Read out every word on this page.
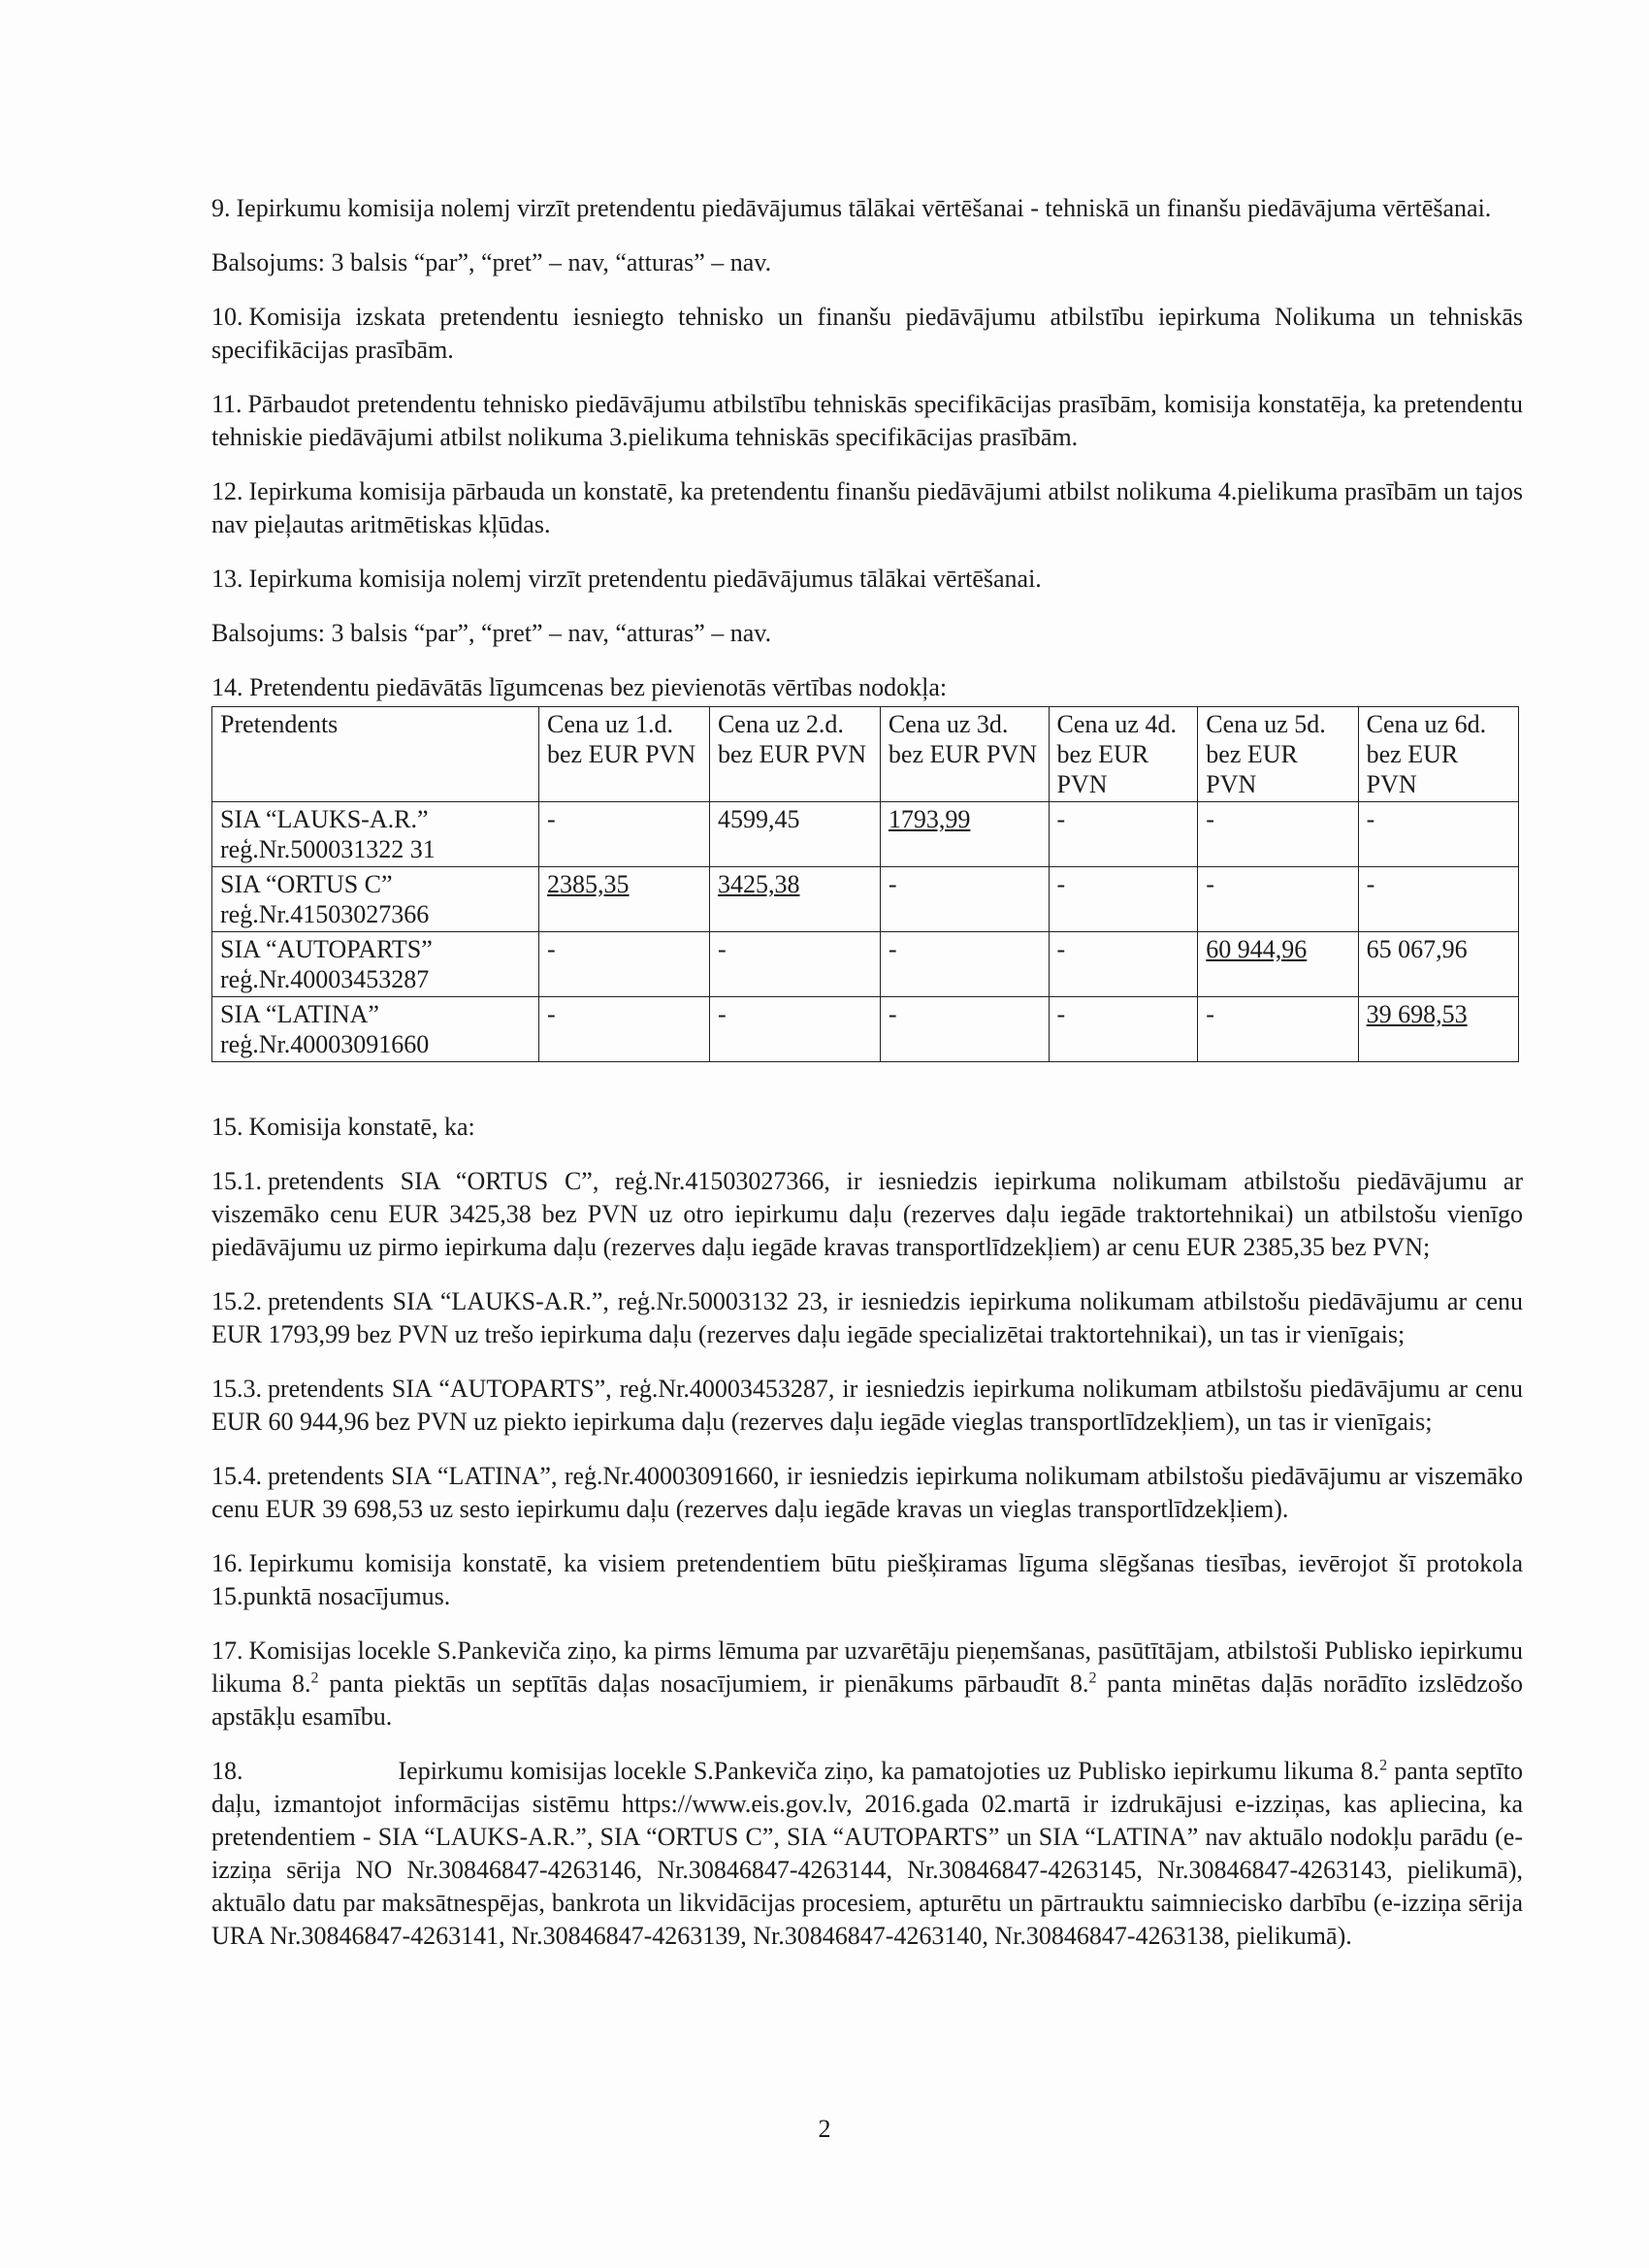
9. Iepirkumu komisija nolemj virzīt pretendentu piedāvājumus tālākai vērtēšanai - tehniskā un finanšu piedāvājuma vērtēšanai.

Balsojums: 3 balsis “par”, “pret” – nav, “atturas” – nav.

10. Komisija izskata pretendentu iesniegto tehnisko un finanšu piedāvājumu atbilstību iepirkuma Nolikuma un tehniskās specifikācijas prasībām.

11. Pārbaudot pretendentu tehnisko piedāvājumu atbilstību tehniskās specifikācijas prasībām, komisija konstatēja, ka pretendentu tehniskie piedāvājumi atbilst nolikuma 3.pielikuma tehniskās specifikācijas prasībām.

12. Iepirkuma komisija pārbauda un konstatē, ka pretendentu finanšu piedāvājumi atbilst nolikuma 4.pielikuma prasībām un tajos nav pieļautas aritmētiskas kļūdas.

13. Iepirkuma komisija nolemj virzīt pretendentu piedāvājumus tālākai vērtēšanai.

Balsojums: 3 balsis “par”, “pret” – nav, “atturas” – nav.

14. Pretendentu piedāvātās līgumcenas bez pievienotās vērtības nodokļa:

Pretendents	Cena uz 1.d. bez EUR PVN	Cena uz 2.d. bez EUR PVN	Cena uz 3d. bez EUR PVN	Cena uz 4d. bez EUR PVN	Cena uz 5d. bez EUR PVN	Cena uz 6d. bez EUR PVN
SIA “LAUKS-A.R.” reģ.Nr.500031322 31	-	4599,45	1793,99	-	-	-
SIA “ORTUS C” reģ.Nr.41503027366	2385,35	3425,38	-	-	-	-
SIA “AUTOPARTS” reģ.Nr.40003453287	-	-	-	-	60 944,96	65 067,96
SIA “LATINA” reģ.Nr.40003091660	-	-	-	-	-	39 698,53

15. Komisija konstatē, ka:

15.1. pretendents SIA “ORTUS C”, reģ.Nr.41503027366, ir iesniedzis iepirkuma nolikumam atbilstošu piedāvājumu ar viszemāko cenu EUR 3425,38 bez PVN uz otro iepirkumu daļu (rezerves daļu iegāde traktortehnikai) un atbilstošu vienīgo piedāvājumu uz pirmo iepirkuma daļu (rezerves daļu iegāde kravas transportlīdzekļiem) ar cenu EUR 2385,35 bez PVN;

15.2. pretendents SIA “LAUKS-A.R.”, reģ.Nr.50003132 23, ir iesniedzis iepirkuma nolikumam atbilstošu piedāvājumu ar cenu EUR 1793,99 bez PVN uz trešo iepirkuma daļu (rezerves daļu iegāde specializētai traktortehnikai), un tas ir vienīgais;

15.3. pretendents SIA “AUTOPARTS”, reģ.Nr.40003453287, ir iesniedzis iepirkuma nolikumam atbilstošu piedāvājumu ar cenu EUR 60 944,96 bez PVN uz piekto iepirkuma daļu (rezerves daļu iegāde vieglas transportlīdzekļiem), un tas ir vienīgais;

15.4. pretendents SIA “LATINA”, reģ.Nr.40003091660, ir iesniedzis iepirkuma nolikumam atbilstošu piedāvājumu ar viszemāko cenu EUR 39 698,53 uz sesto iepirkumu daļu (rezerves daļu iegāde kravas un vieglas transportlīdzekļiem).

16. Iepirkumu komisija konstatē, ka visiem pretendentiem būtu piešķiramas līguma slēgšanas tiesības, ievērojot šī protokola 15.punktā nosacījumus.

17. Komisijas locekle S.Pankeviča ziņo, ka pirms lēmuma par uzvarētāju pieņemšanas, pasūtītājam, atbilstoši Publisko iepirkumu likuma 8.$^2$ panta piektās un septītās daļas nosacījumiem, ir pienākums pārbaudīt 8.$^2$ panta minētas daļās norādīto izslēdzošo apstākļu esamību.

18.	Iepirkumu komisijas locekle S.Pankeviča ziņo, ka pamatojoties uz Publisko iepirkumu likuma 8.$^2$ panta septīto daļu, izmantojot informācijas sistēmu https://www.eis.gov.lv, 2016.gada 02.martā ir izdrukājusi e-izziņas, kas apliecina, ka pretendentiem - SIA “LAUKS-A.R.”, SIA “ORTUS C”, SIA “AUTOPARTS” un SIA “LATINA” nav aktuālo nodokļu parādu (e-izziņa sērija NO Nr.30846847-4263146, Nr.30846847-4263144, Nr.30846847-4263145, Nr.30846847-4263143, pielikumā), aktuālo datu par maksātnespējas, bankrota un likvidācijas procesiem, apturētu un pārtrauktu saimniecisko darbību (e-izziņa sērija URA Nr.30846847-4263141, Nr.30846847-4263139, Nr.30846847-4263140, Nr.30846847-4263138, pielikumā).

2
